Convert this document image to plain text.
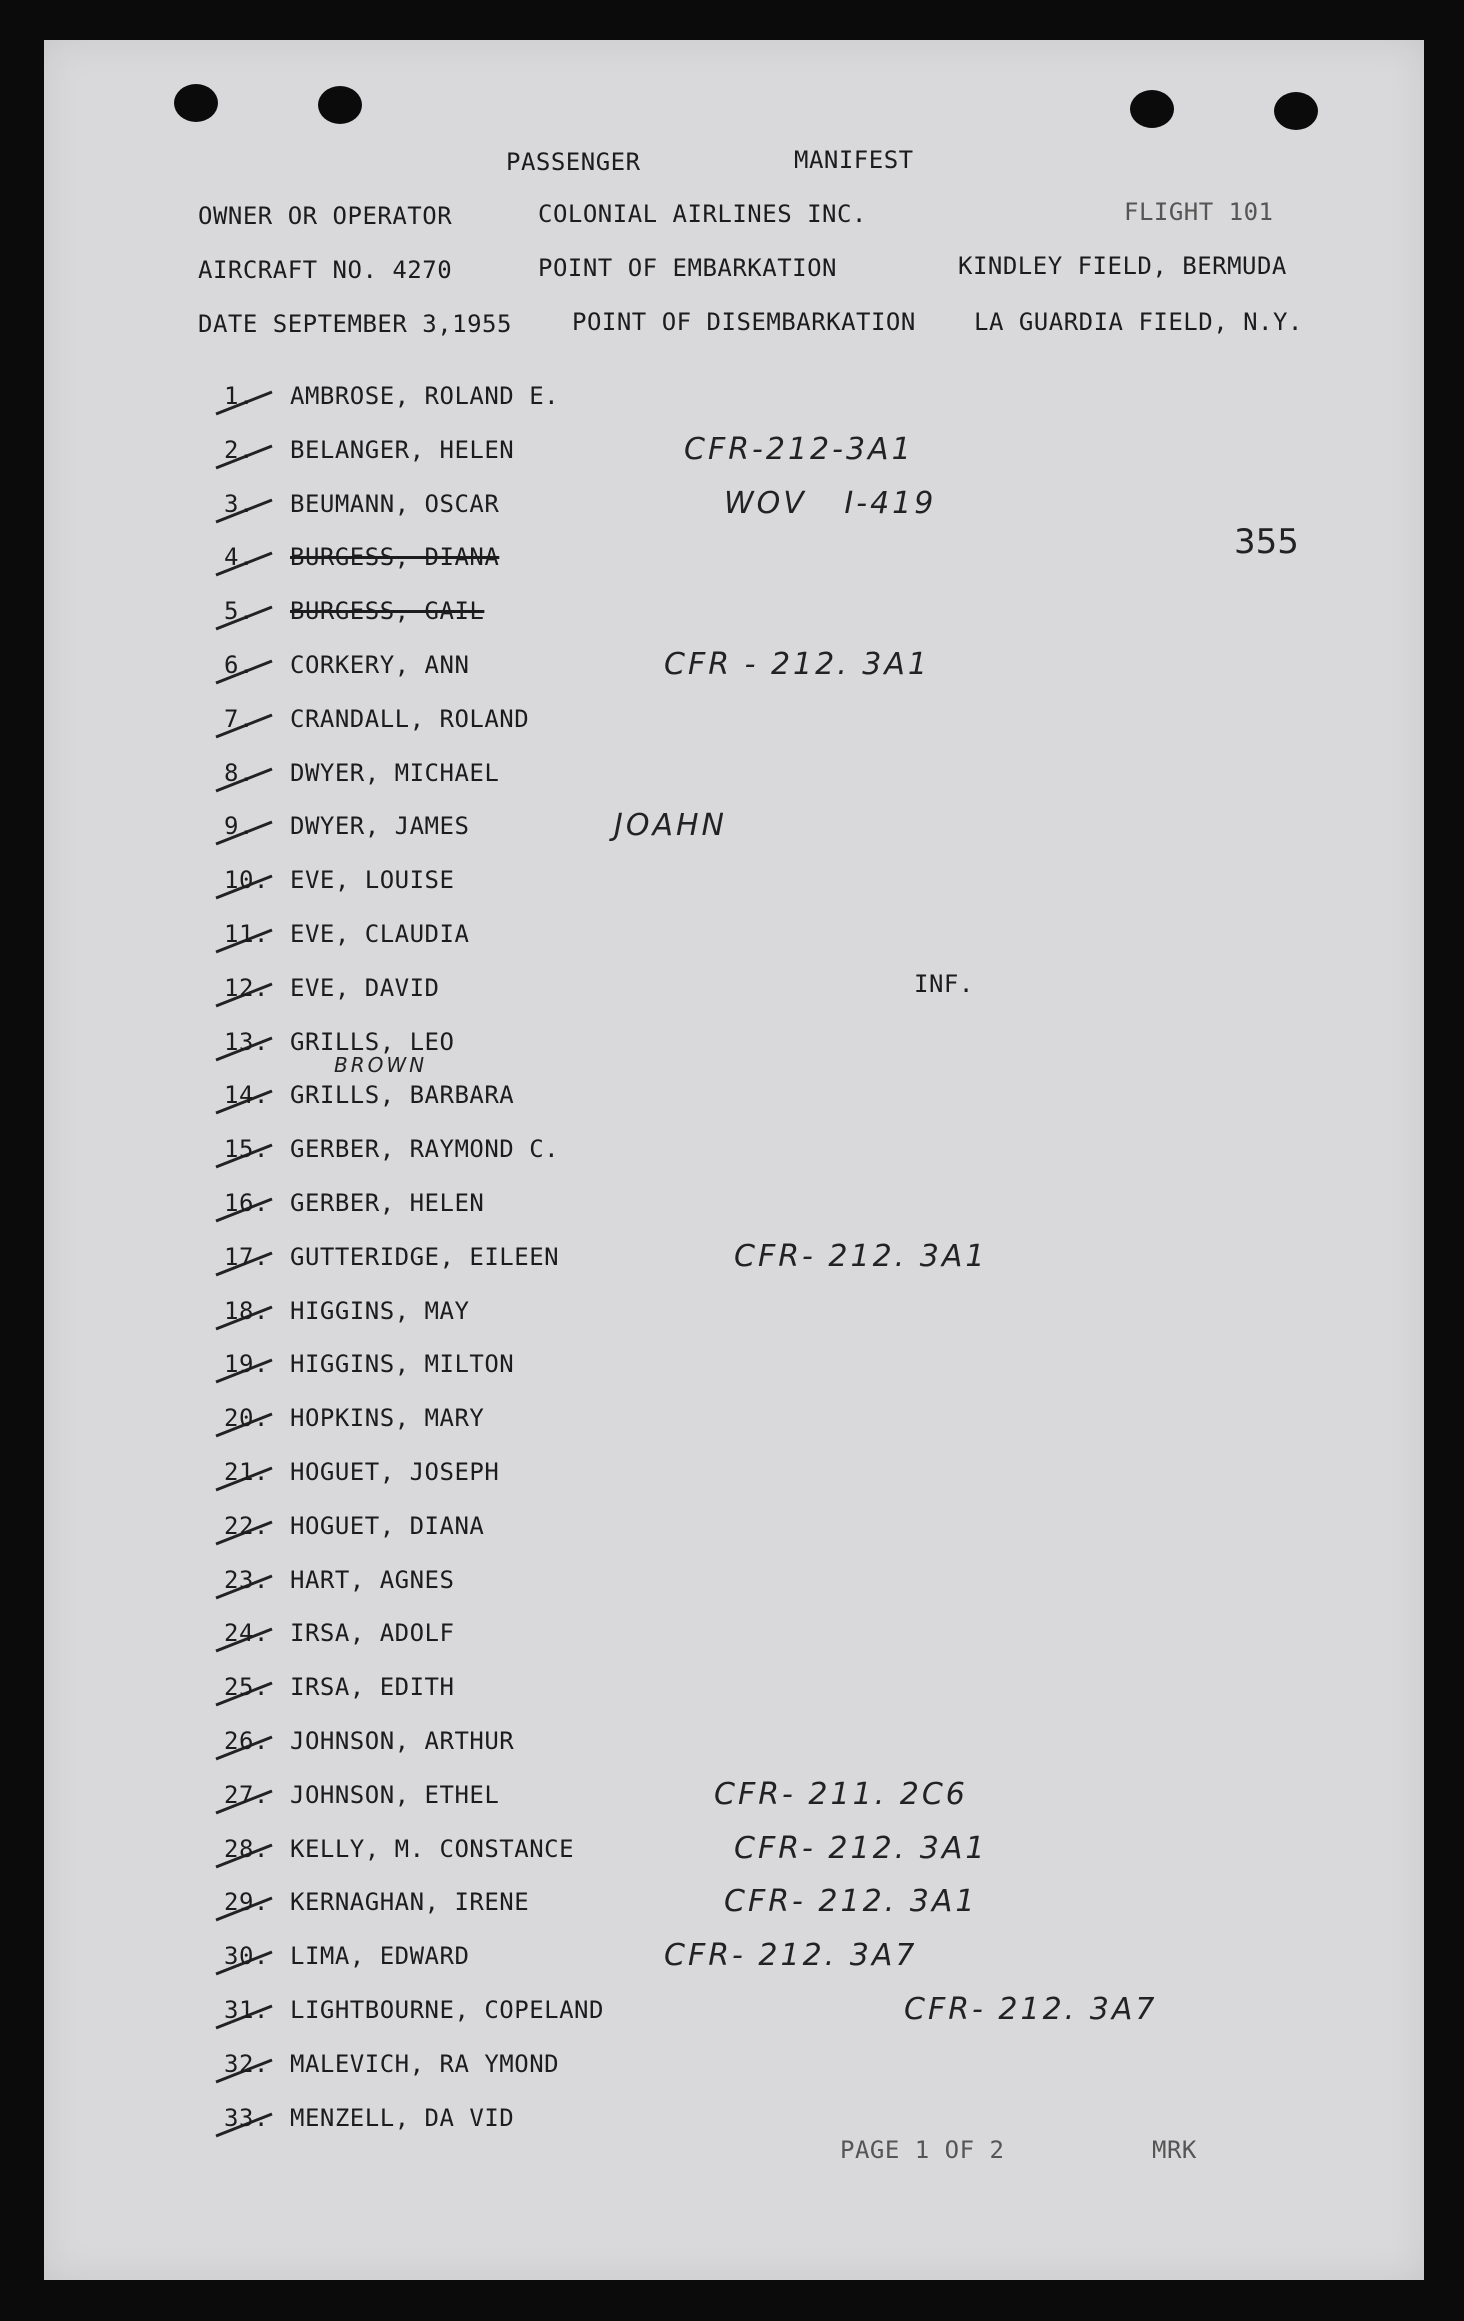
PASSENGER	MANIFEST
OWNER OR OPERATOR	COLONIAL AIRLINES INC.	FLIGHT 101
AIRCRAFT NO. 4270	POINT OF EMBARKATION	KINDLEY FIELD, BERMUDA
DATE SEPTEMBER 3,1955	POINT OF DISEMBARKATION LA GUARDIA FIELD, N.Y.
355
1. AMBROSE, ROLAND E.
2. BELANGER, HELEN	CFR-212-3A1
3. BEUMANN, OSCAR	WOV   I-419
4. BURGESS, DIANA
5. BURGESS, GAIL
6. CORKERY, ANN	CFR - 212. 3A1
7. CRANDALL, ROLAND
8. DWYER, MICHAEL
9. DWYER, JAMES	JOAHN
10. EVE, LOUISE
11. EVE, CLAUDIA
12. EVE, DAVID	INF.
13. GRILLS, LEO
14. GRILLS, BARBARA
BROWN
15. GERBER, RAYMOND C.
16. GERBER, HELEN
17. GUTTERIDGE, EILEEN	CFR- 212. 3A1
18. HIGGINS, MAY
19. HIGGINS, MILTON
20. HOPKINS, MARY
21. HOGUET, JOSEPH
22. HOGUET, DIANA
23. HART, AGNES
24. IRSA, ADOLF
25. IRSA, EDITH
26. JOHNSON, ARTHUR
27. JOHNSON, ETHEL	CFR- 211. 2C6
28. KELLY, M. CONSTANCE	CFR- 212. 3A1
29. KERNAGHAN, IRENE	CFR- 212. 3A1
30. LIMA, EDWARD	CFR- 212. 3A7
31. LIGHTBOURNE, COPELAND	CFR- 212. 3A7
32. MALEVICH, RA YMOND
33. MENZELL, DA VID
PAGE 1 OF 2	MRK
